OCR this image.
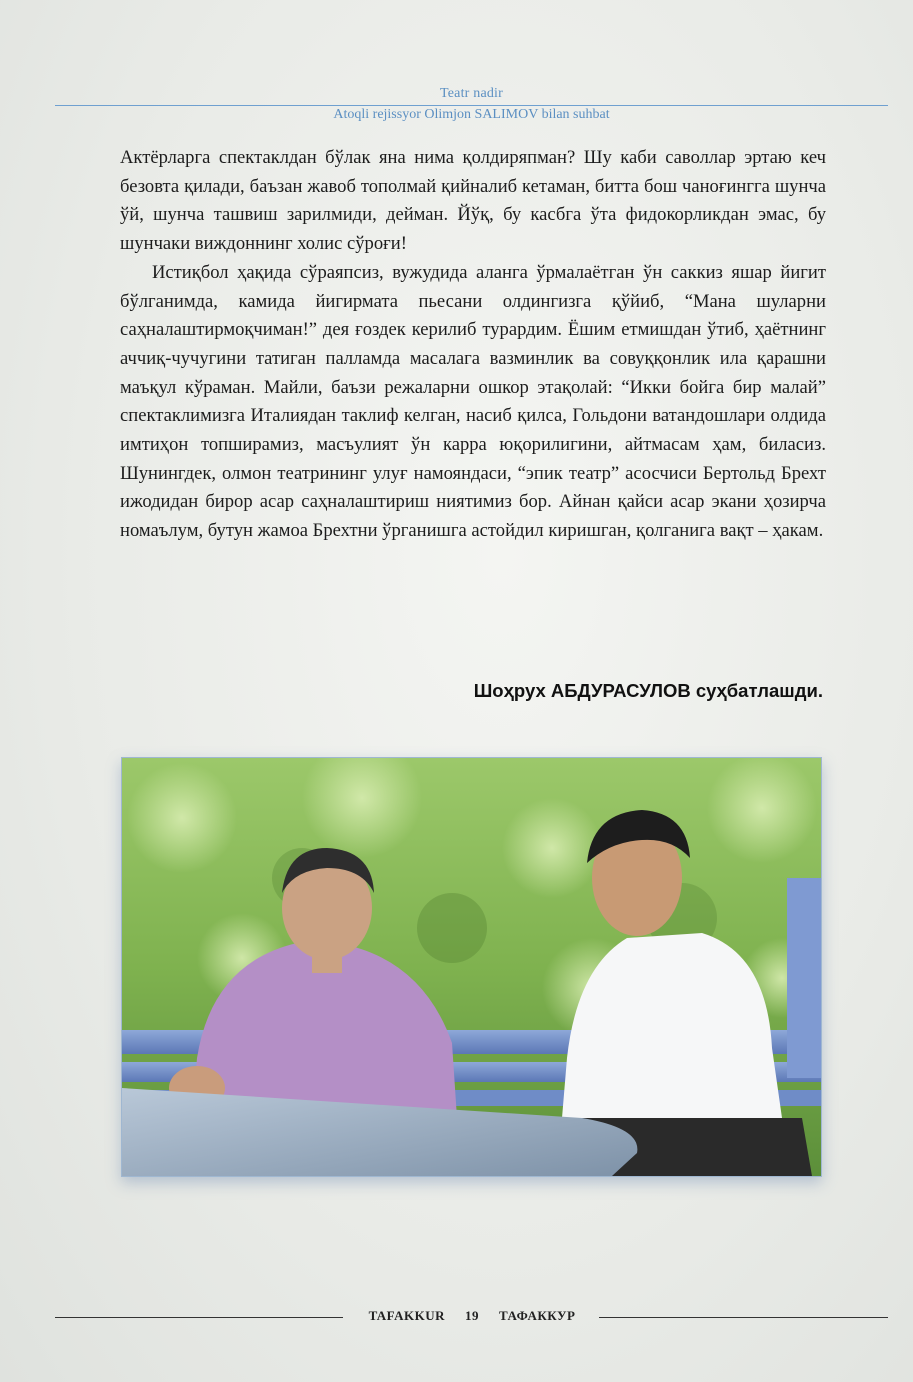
Teatr nadir
Atoqli rejissyor Olimjon SALIMOV bilan suhbat

Актёрларга спектаклдан бўлак яна нима қолдиряпман? Шу каби саволлар эртаю кеч безовта қилади, баъзан жавоб тополмай қийналиб кетаман, битта бош чаноғингга шунча ўй, шунча ташвиш зарилмиди, дейман. Йўқ, бу касбга ўта фидокорликдан эмас, бу шунчаки виждоннинг холис сўроғи!

Истиқбол ҳақида сўраяпсиз, вужудида аланга ўрмалаётган ўн саккиз яшар йигит бўлганимда, камида йигирмата пьесани олдингизга қўйиб, “Мана шуларни саҳналаштирмоқчиман!” дея ғоздек керилиб турардим. Ёшим етмишдан ўтиб, ҳаётнинг аччиқ-чучугини татиган палламда масалага вазминлик ва совуққонлик ила қарашни маъқул кўраман. Майли, баъзи режаларни ошкор этақолай: “Икки бойга бир малай” спектаклимизга Италиядан таклиф келган, насиб қилса, Гольдони ватандошлари олдида имтиҳон топширамиз, масъулият ўн карра юқорилигини, айтмасам ҳам, биласиз. Шунингдек, олмон театрининг улуғ намояндаси, “эпик театр” асосчиси Бертольд Брехт ижодидан бирор асар саҳналаштириш ниятимиз бор. Айнан қайси асар экани ҳозирча номаълум, бутун жамоа Брехтни ўрганишга астойдил киришган, қолганига вақт – ҳакам.

Шоҳрух АБДУРАСУЛОВ суҳбатлашди.
TAFAKKUR 19 ТАФАККУР
